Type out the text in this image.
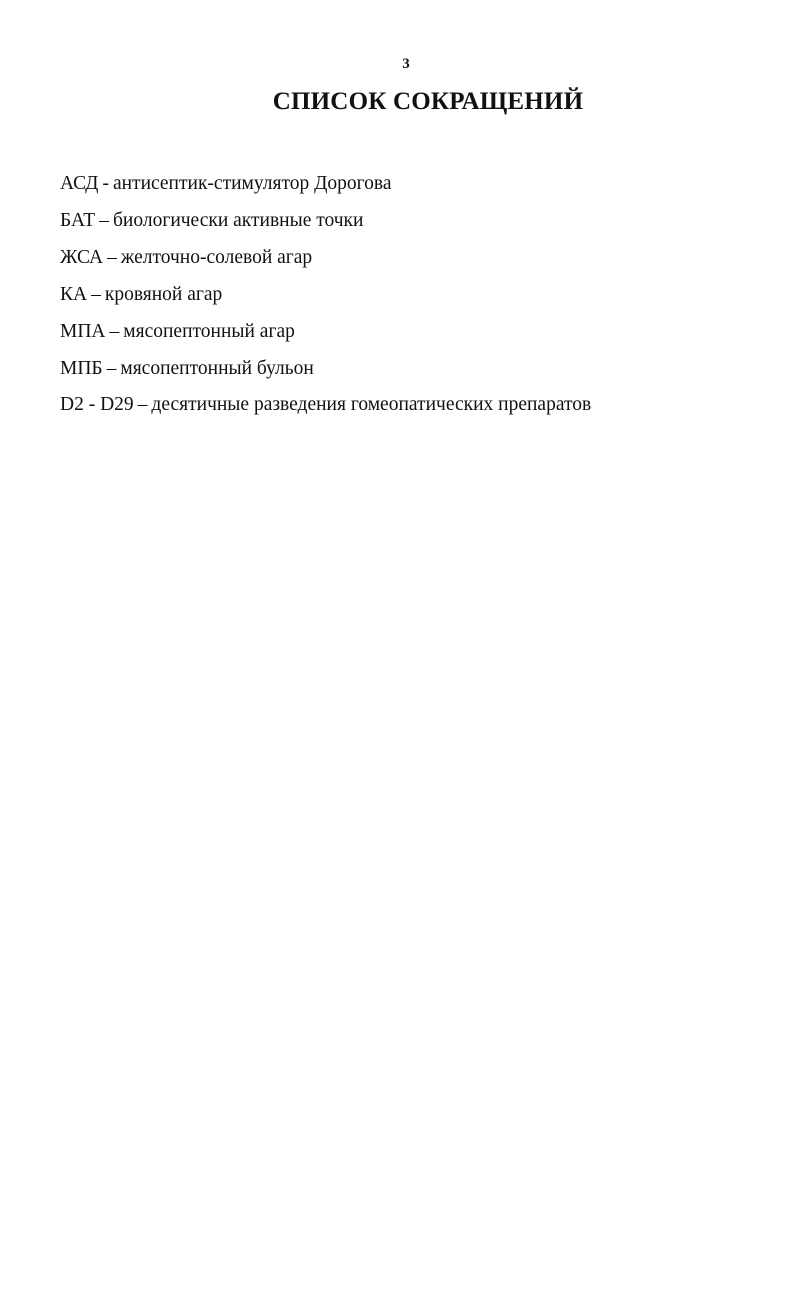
3
СПИСОК СОКРАЩЕНИЙ
АСД - антисептик-стимулятор Дорогова
БАТ – биологически активные точки
ЖСА – желточно-солевой агар
КА – кровяной агар
МПА – мясопептонный агар
МПБ – мясопептонный бульон
D2 - D29 – десятичные разведения гомеопатических препаратов
